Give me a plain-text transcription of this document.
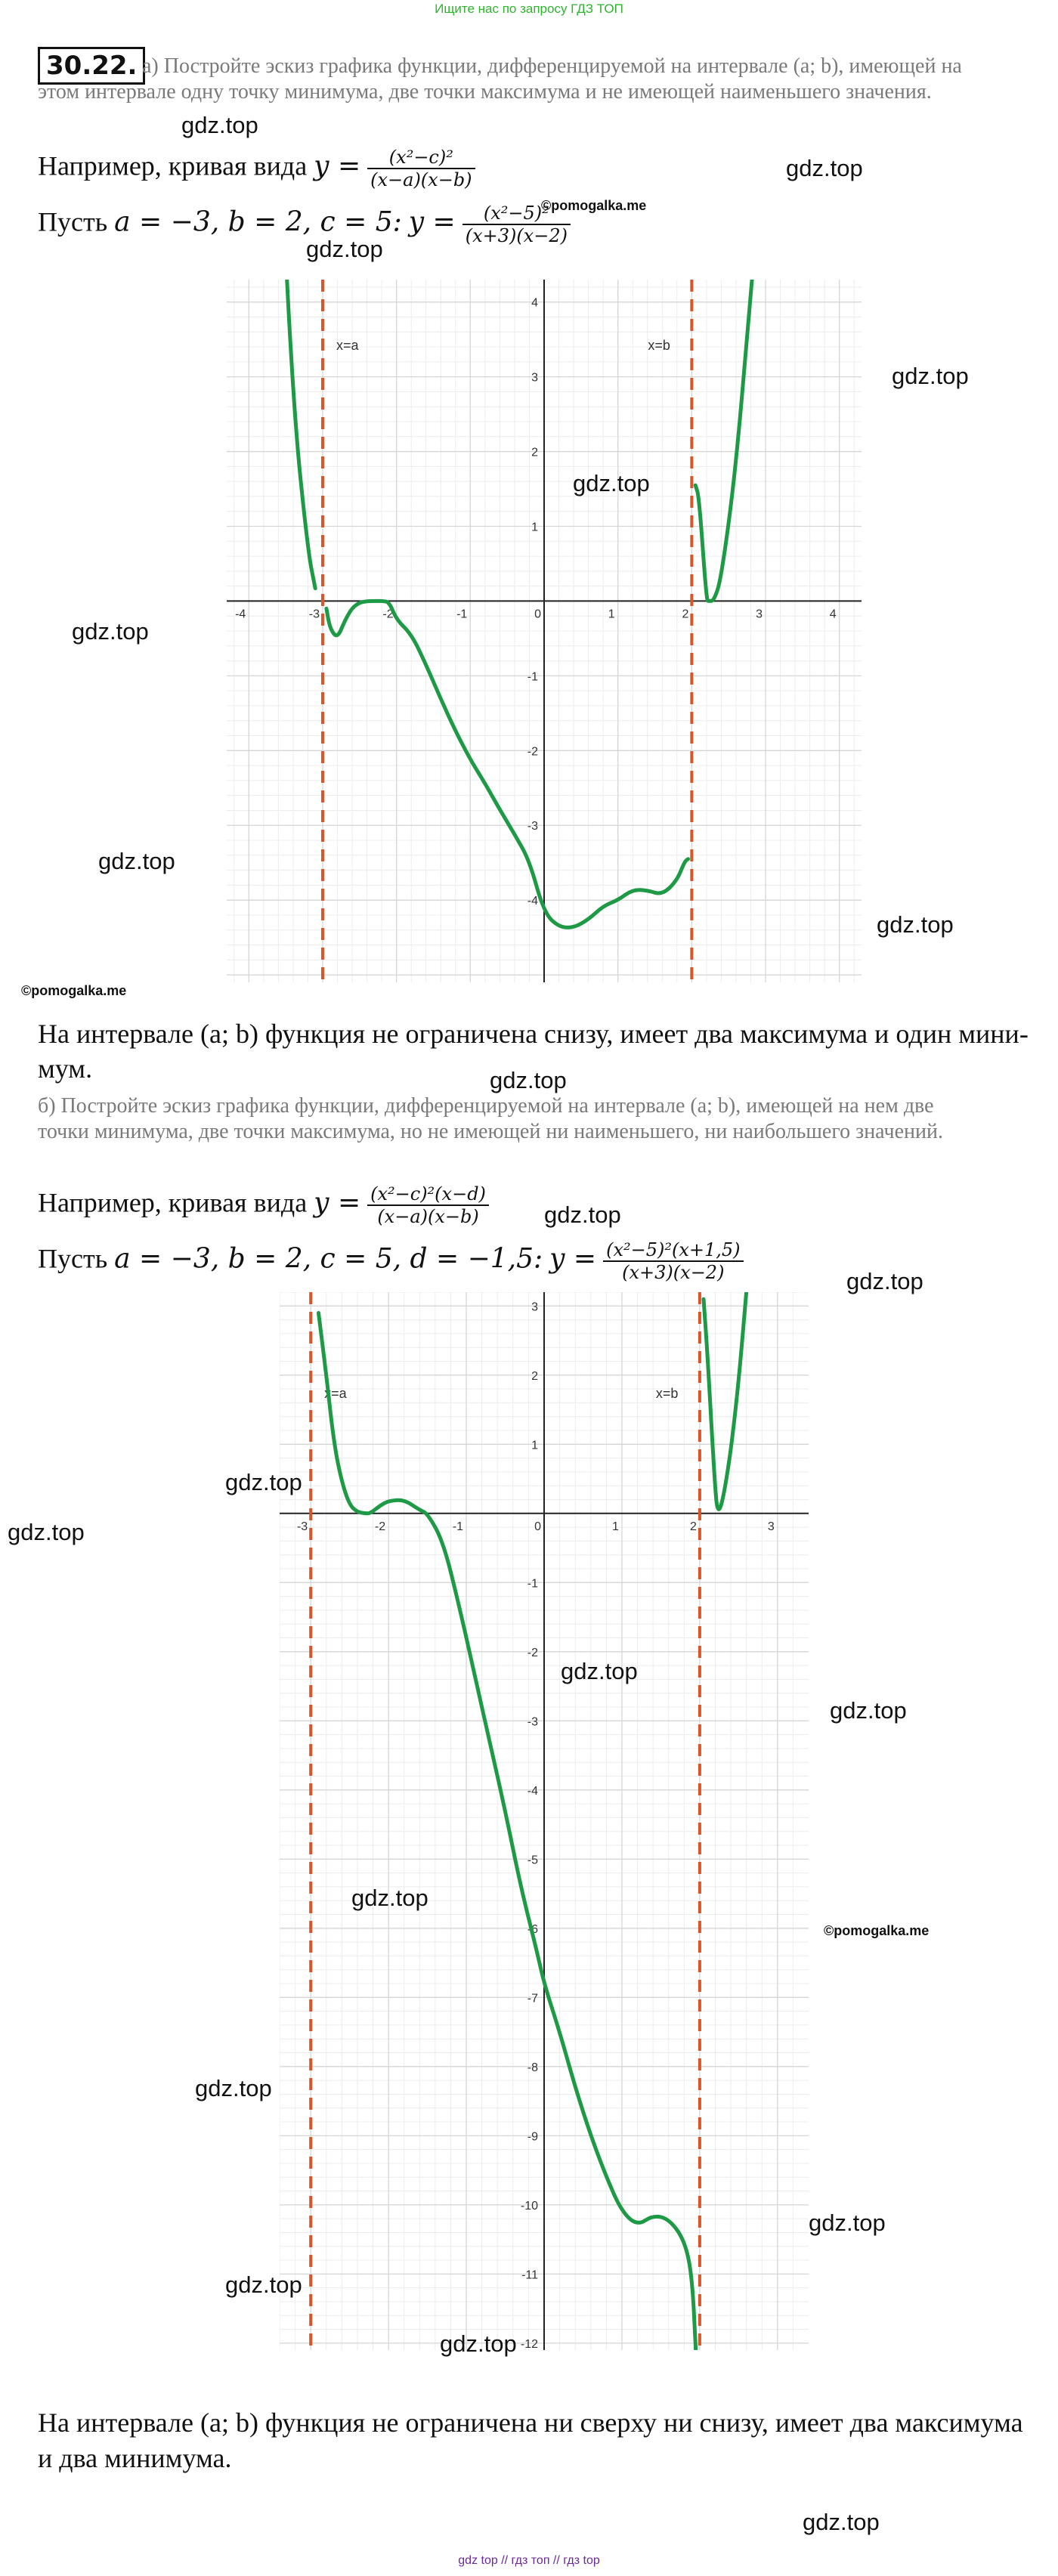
Ищите нас по запросу ГДЗ ТОП
30.22. а) Постройте эскиз графика функции, дифференцируемой на интервале (a; b), имеющей на
этом интервале одну точку минимума, две точки максимума и не имеющей наименьшего значения.
Например, кривая вида $y = \frac{\text{(x²−c)²}}{(x-a)(x-b)}$
Пусть a = −3, b = 2, c = 5: $y = \frac{\text{(x²−5)²}}{(x+3)(x-2)}$
©pomogalka.me
-4	-3	-2	-1	0	1	2	3	4
-4
-3
-2
-1
1
2
3
4
x=a	x=b
©pomogalka.me
На интервале (a; b) функция не ограничена снизу, имеет два максимума и один мини-
мум.
б) Постройте эскиз графика функции, дифференцируемой на интервале (a; b), имеющей на нем две
точки минимума, две точки максимума, но не имеющей ни наименьшего, ни наибольшего значений.
Например, кривая вида $y = \frac{\text{(x²−c)²(x−d)}}{(x-a)(x-b)}$
Пусть a = −3, b = 2, c = 5, d = −1,5: $y = \frac{\text{(x²−5)²(x+1,5)}}{(x+3)(x-2)}$
-3	-2	-1	0	1	2	3
-12
-11
-10
-9
-8
-7
-6
-5
-4
-3
-2
-1
1
2
3
x=a	x=b
©pomogalka.me
На интервале (a; b) функция не ограничена ни сверху ни снизу, имеет два максимума
и два минимума.
gdz.top
gdz.top
gdz.top
gdz.top
gdz.top
gdz.top
gdz.top
gdz.top
gdz.top
gdz.top
gdz.top
gdz.top
gdz.top
gdz.top
gdz.top
gdz.top
gdz.top
gdz.top
gdz.top
gdz.top
gdz.top
gdz top // гдз топ // гдз top
